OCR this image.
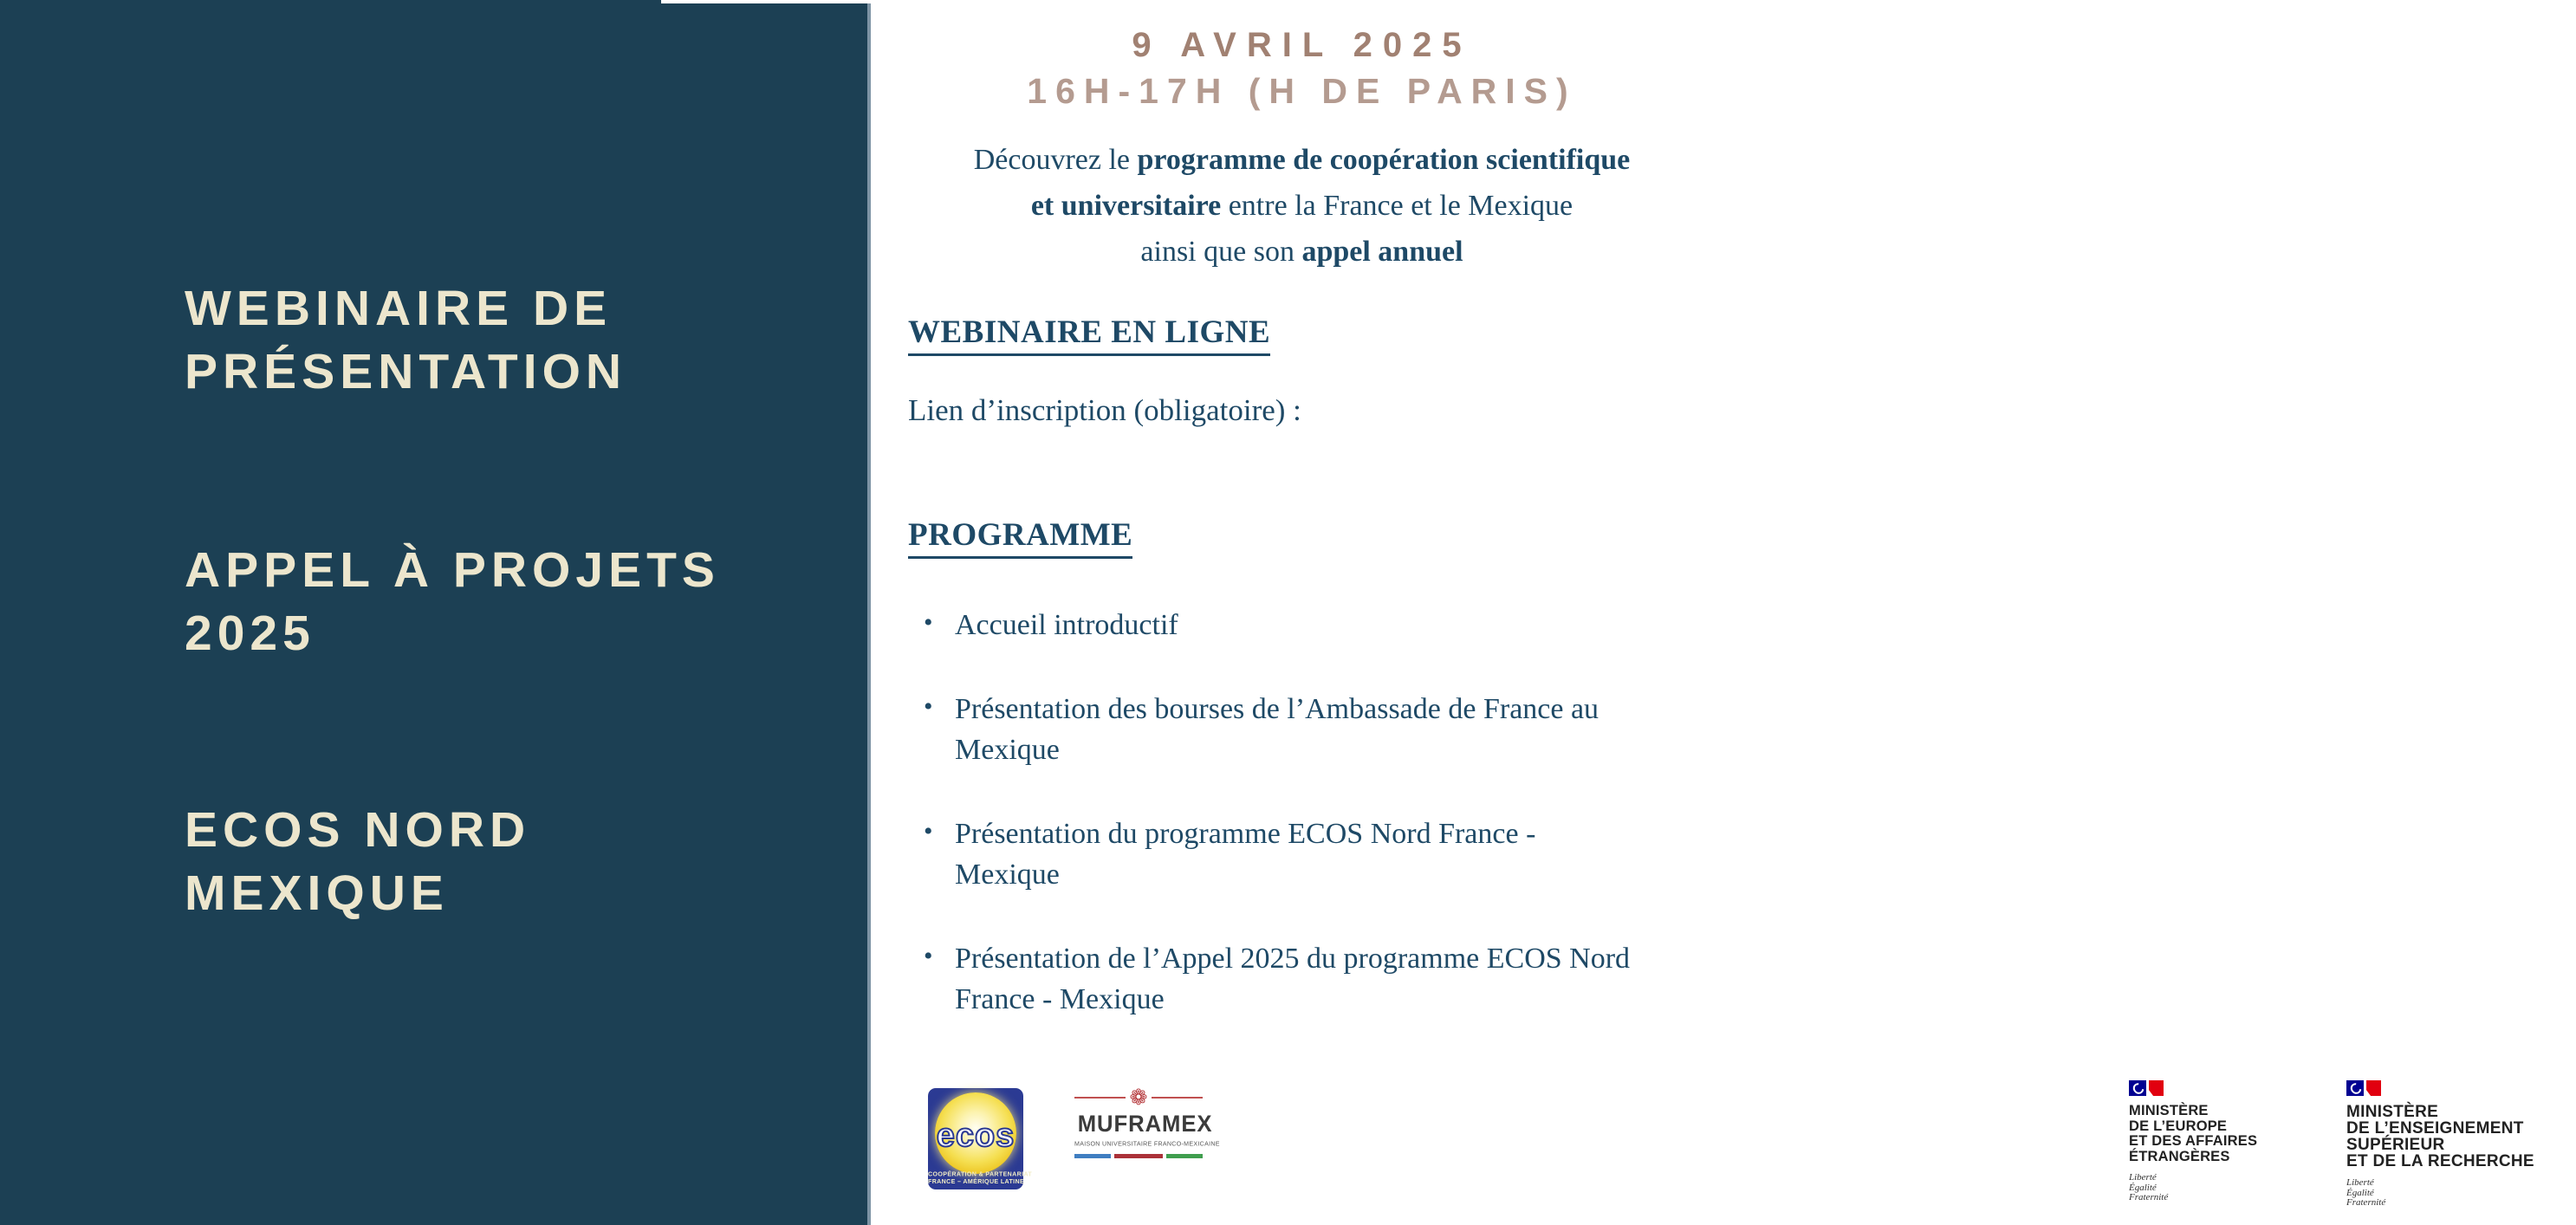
WEBINAIRE DE
PRÉSENTATION
APPEL À PROJETS
2025
ECOS NORD
MEXIQUE
9 AVRIL 2025
16H-17H (H DE PARIS)
Découvrez le programme de coopération scientifique
et universitaire entre la France et le Mexique
ainsi que son appel annuel
WEBINAIRE EN LIGNE
Lien d’inscription (obligatoire) :
PROGRAMME
• Accueil introductif
• Présentation des bourses de l’Ambassade de France au
Mexique
• Présentation du programme ECOS Nord France -
Mexique
• Présentation de l’Appel 2025 du programme ECOS Nord
France - Mexique
ecos
COOPÉRATION & PARTENARIAT
FRANCE – AMÉRIQUE LATINE
❁
MUFRAMEX
MAISON UNIVERSITAIRE FRANCO-MEXICAINE
MINISTÈRE
DE L’EUROPE
ET DES AFFAIRES
ÉTRANGÈRES
Liberté
Égalité
Fraternité
MINISTÈRE
DE L’ENSEIGNEMENT
SUPÉRIEUR
ET DE LA RECHERCHE
Liberté
Égalité
Fraternité
